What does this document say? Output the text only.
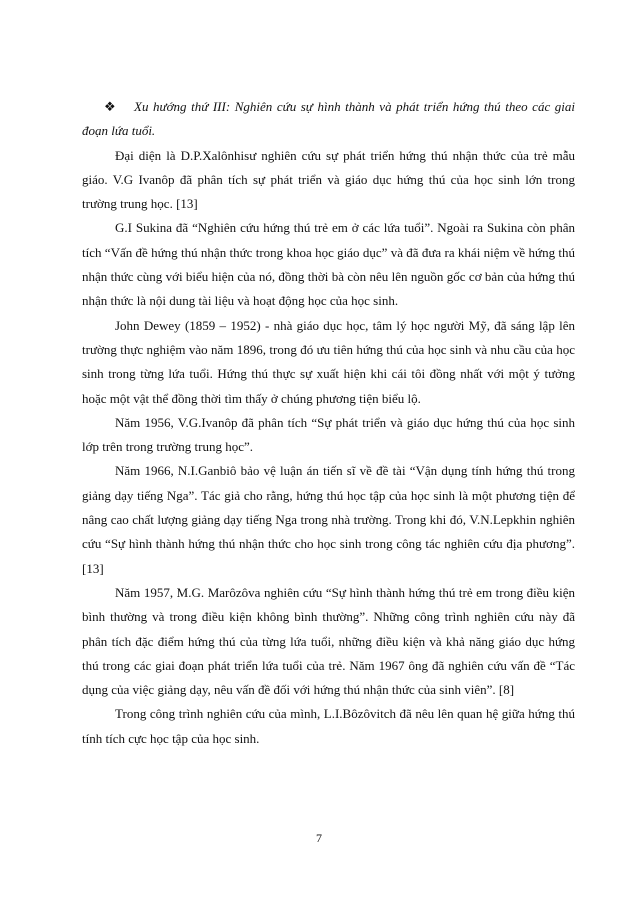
❖ Xu hướng thứ III: Nghiên cứu sự hình thành và phát triển hứng thú theo các giai đoạn lứa tuổi.

Đại diện là D.P.Xalônhisư nghiên cứu sự phát triển hứng thú nhận thức của trẻ mẫu giáo. V.G Ivanôp đã phân tích sự phát triển và giáo dục hứng thú của học sinh lớn trong trường trung học. [13]

G.I Sukina đã “Nghiên cứu hứng thú trẻ em ở các lứa tuổi”. Ngoài ra Sukina còn phân tích “Vấn đề hứng thú nhận thức trong khoa học giáo dục” và đã đưa ra khái niệm về hứng thú nhận thức cùng với biểu hiện của nó, đồng thời bà còn nêu lên nguồn gốc cơ bản của hứng thú nhận thức là nội dung tài liệu và hoạt động học của học sinh.

John Dewey (1859 – 1952) - nhà giáo dục học, tâm lý học người Mỹ, đã sáng lập lên trường thực nghiệm vào năm 1896, trong đó ưu tiên hứng thú của học sinh và nhu cầu của học sinh trong từng lứa tuổi. Hứng thú thực sự xuất hiện khi cái tôi đồng nhất với một ý tưởng hoặc một vật thể đồng thời tìm thấy ở chúng phương tiện biểu lộ.

Năm 1956, V.G.Ivanôp đã phân tích “Sự phát triển và giáo dục hứng thú của học sinh lớp trên trong trường trung học”.

Năm 1966, N.I.Ganbiô bảo vệ luận án tiến sĩ về đề tài “Vận dụng tính hứng thú trong giảng dạy tiếng Nga”. Tác giả cho rằng, hứng thú học tập của học sinh là một phương tiện để nâng cao chất lượng giảng dạy tiếng Nga trong nhà trường. Trong khi đó, V.N.Lepkhin nghiên cứu “Sự hình thành hứng thú nhận thức cho học sinh trong công tác nghiên cứu địa phương”. [13]

Năm 1957, M.G. Marôzôva nghiên cứu “Sự hình thành hứng thú trẻ em trong điều kiện bình thường và trong điều kiện không bình thường”. Những công trình nghiên cứu này đã phân tích đặc điểm hứng thú của từng lứa tuổi, những điều kiện và khả năng giáo dục hứng thú trong các giai đoạn phát triển lứa tuổi của trẻ. Năm 1967 ông đã nghiên cứu vấn đề “Tác dụng của việc giảng dạy, nêu vấn đề đối với hứng thú nhận thức của sinh viên”. [8]

Trong công trình nghiên cứu của mình, L.I.Bôzôvitch đã nêu lên quan hệ giữa hứng thú tính tích cực học tập của học sinh.

7
